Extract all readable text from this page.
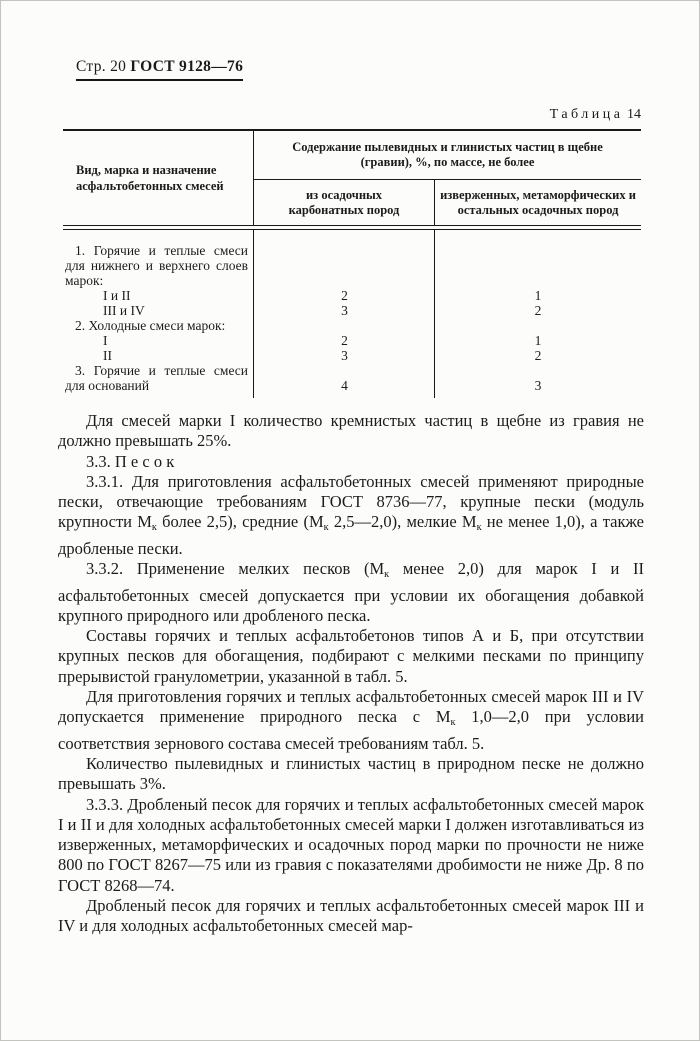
Стр. 20 ГОСТ 9128—76
Таблица 14
Вид, марка и назначение асфальтобетонных смесей
Содержание пылевидных и глинистых частиц в щебне (гравии), %, по массе, не более
из осадочных карбонатных пород
изверженных, метаморфических и остальных осадочных пород
1. Горячие и теплые смеси для нижнего и верхнего слоев марок:
I и II	2	1
III и IV	3	2
2. Холодные смеси марок:
I	2	1
II	3	2
3. Горячие и теплые смеси для оснований	4	3

Для смесей марки I количество кремнистых частиц в щебне из гравия не должно превышать 25%.

3.3. П е с о к

3.3.1. Для приготовления асфальтобетонных смесей применяют природные пески, отвечающие требованиям ГОСТ 8736—77, крупные пески (модуль крупности $М_к$ более 2,5), средние ($М_к$ 2,5—2,0), мелкие $М_к$ не менее 1,0), а также дробленые пески.

3.3.2. Применение мелких песков ($М_к$ менее 2,0) для марок I и II асфальтобетонных смесей допускается при условии их обогащения добавкой крупного природного или дробленого песка.

Составы горячих и теплых асфальтобетонов типов А и Б, при отсутствии крупных песков для обогащения, подбирают с мелкими песками по принципу прерывистой гранулометрии, указанной в табл. 5.

Для приготовления горячих и теплых асфальтобетонных смесей марок III и IV допускается применение природного песка с $М_к$ 1,0—2,0 при условии соответствия зернового состава смесей требованиям табл. 5.

Количество пылевидных и глинистых частиц в природном песке не должно превышать 3%.

3.3.3. Дробленый песок для горячих и теплых асфальтобетонных смесей марок I и II и для холодных асфальтобетонных смесей марки I должен изготавливаться из изверженных, метаморфических и осадочных пород марки по прочности не ниже 800 по ГОСТ 8267—75 или из гравия с показателями дробимости не ниже Др. 8 по ГОСТ 8268—74.

Дробленый песок для горячих и теплых асфальтобетонных смесей марок III и IV и для холодных асфальтобетонных смесей мар-
